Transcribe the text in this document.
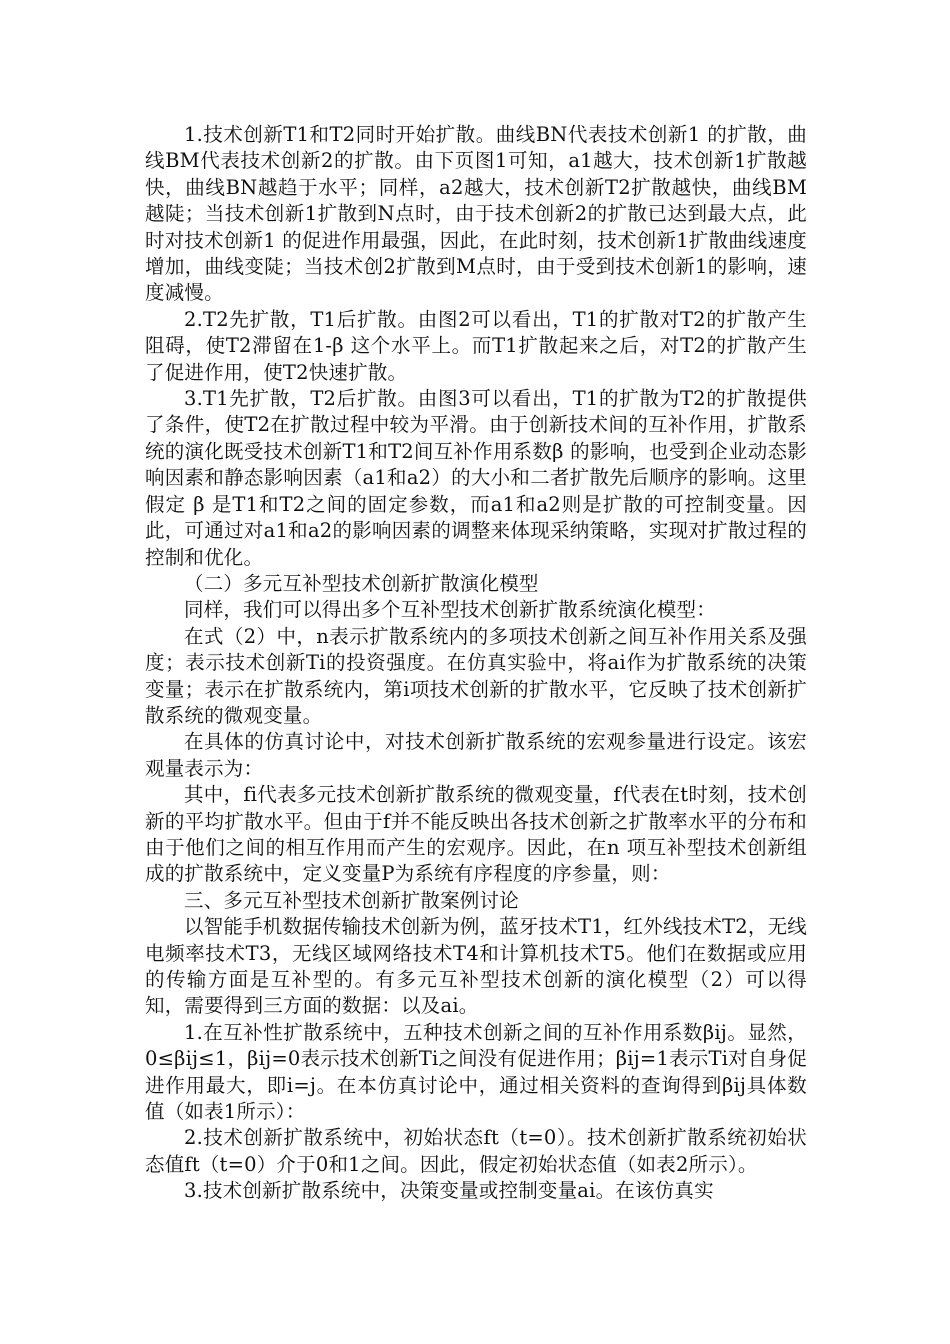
1.技术创新T1和T2同时开始扩散。曲线BN代表技术创新1 的扩散，曲线BM代表技术创新2的扩散。由下页图1可知，a1越大，技术创新1扩散越快，曲线BN越趋于水平；同样，a2越大，技术创新T2扩散越快，曲线BM越陡；当技术创新1扩散到N点时，由于技术创新2的扩散已达到最大点，此时对技术创新1 的促进作用最强，因此，在此时刻，技术创新1扩散曲线速度增加，曲线变陡；当技术创2扩散到M点时，由于受到技术创新1的影响，速度减慢。

2.T2先扩散，T1后扩散。由图2可以看出，T1的扩散对T2的扩散产生阻碍，使T2滞留在1-β 这个水平上。而T1扩散起来之后，对T2的扩散产生了促进作用，使T2快速扩散。

3.T1先扩散，T2后扩散。由图3可以看出，T1的扩散为T2的扩散提供了条件，使T2在扩散过程中较为平滑。由于创新技术间的互补作用，扩散系统的演化既受技术创新T1和T2间互补作用系数β 的影响，也受到企业动态影响因素和静态影响因素（a1和a2）的大小和二者扩散先后顺序的影响。这里假定 β 是T1和T2之间的固定参数，而a1和a2则是扩散的可控制变量。因此，可通过对a1和a2的影响因素的调整来体现采纳策略，实现对扩散过程的控制和优化。

（二）多元互补型技术创新扩散演化模型

同样，我们可以得出多个互补型技术创新扩散系统演化模型：

在式（2）中，n表示扩散系统内的多项技术创新之间互补作用关系及强度；表示技术创新Ti的投资强度。在仿真实验中，将ai作为扩散系统的决策变量；表示在扩散系统内，第i项技术创新的扩散水平，它反映了技术创新扩散系统的微观变量。

在具体的仿真讨论中，对技术创新扩散系统的宏观参量进行设定。该宏观量表示为：

其中，fi代表多元技术创新扩散系统的微观变量，f代表在t时刻，技术创新的平均扩散水平。但由于f并不能反映出各技术创新之扩散率水平的分布和由于他们之间的相互作用而产生的宏观序。因此，在n 项互补型技术创新组成的扩散系统中，定义变量P为系统有序程度的序参量，则：

三、多元互补型技术创新扩散案例讨论

以智能手机数据传输技术创新为例，蓝牙技术T1，红外线技术T2，无线电频率技术T3，无线区域网络技术T4和计算机技术T5。他们在数据或应用的传输方面是互补型的。有多元互补型技术创新的演化模型（2）可以得知，需要得到三方面的数据：以及ai。

1.在互补性扩散系统中，五种技术创新之间的互补作用系数βij。显然，0≤βij≤1，βij=0表示技术创新Ti之间没有促进作用；βij=1表示Ti对自身促进作用最大，即i=j。在本仿真讨论中，通过相关资料的查询得到βij具体数值（如表1所示）：

2.技术创新扩散系统中，初始状态ft（t=0）。技术创新扩散系统初始状态值ft（t=0）介于0和1之间。因此，假定初始状态值（如表2所示）。

3.技术创新扩散系统中，决策变量或控制变量ai。在该仿真实
